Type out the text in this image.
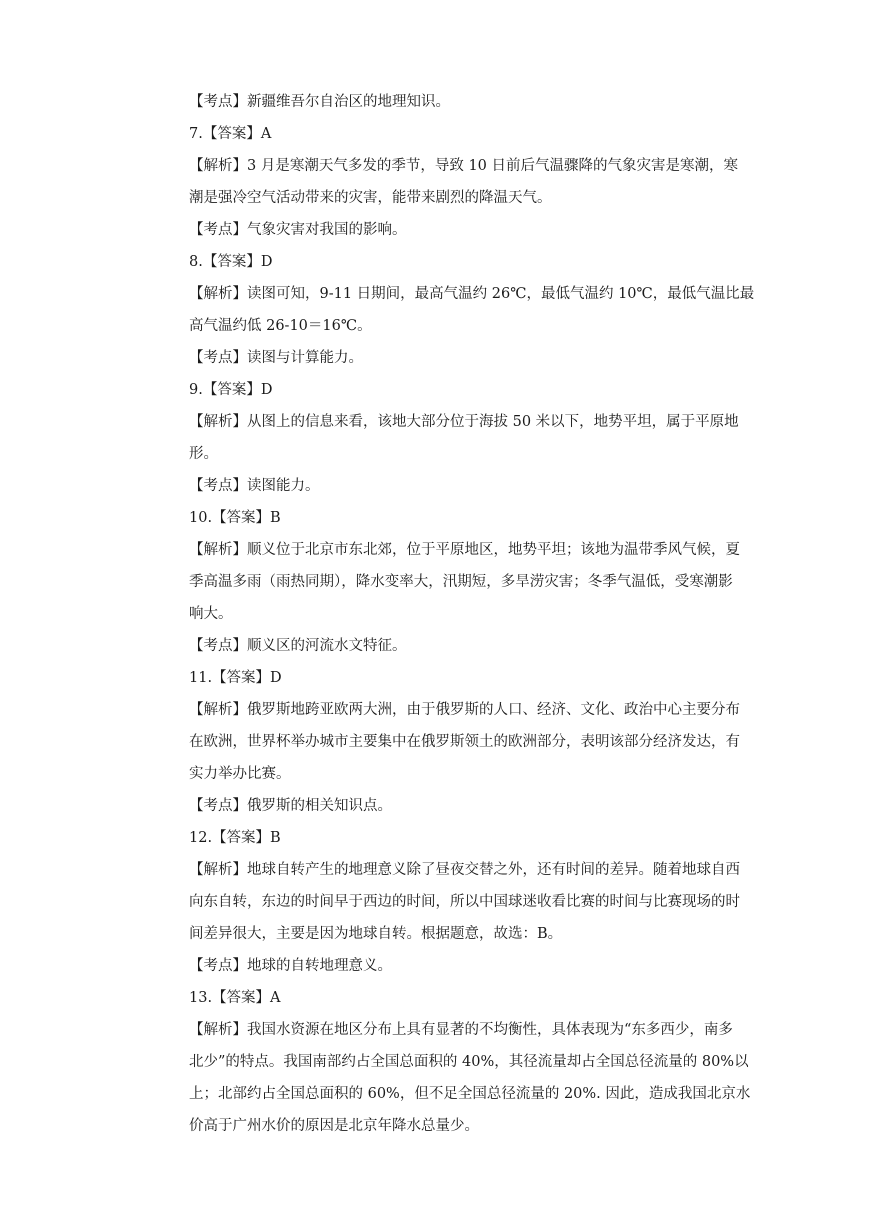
【考点】新疆维吾尔自治区的地理知识。
7.【答案】A
【解析】3 月是寒潮天气多发的季节，导致 10 日前后气温骤降的气象灾害是寒潮，寒
潮是强冷空气活动带来的灾害，能带来剧烈的降温天气。
【考点】气象灾害对我国的影响。
8.【答案】D
【解析】读图可知，9-11 日期间，最高气温约 26℃，最低气温约 10℃，最低气温比最
高气温约低 26-10＝16℃。
【考点】读图与计算能力。
9.【答案】D
【解析】从图上的信息来看，该地大部分位于海拔 50 米以下，地势平坦，属于平原地
形。
【考点】读图能力。
10.【答案】B
【解析】顺义位于北京市东北郊，位于平原地区，地势平坦；该地为温带季风气候，夏
季高温多雨（雨热同期），降水变率大，汛期短，多旱涝灾害；冬季气温低，受寒潮影
响大。
【考点】顺义区的河流水文特征。
11.【答案】D
【解析】俄罗斯地跨亚欧两大洲，由于俄罗斯的人口、经济、文化、政治中心主要分布
在欧洲，世界杯举办城市主要集中在俄罗斯领土的欧洲部分，表明该部分经济发达，有
实力举办比赛。
【考点】俄罗斯的相关知识点。
12.【答案】B
【解析】地球自转产生的地理意义除了昼夜交替之外，还有时间的差异。随着地球自西
向东自转，东边的时间早于西边的时间，所以中国球迷收看比赛的时间与比赛现场的时
间差异很大，主要是因为地球自转。根据题意，故选：B。
【考点】地球的自转地理意义。
13.【答案】A
【解析】我国水资源在地区分布上具有显著的不均衡性，具体表现为“东多西少，南多
北少”的特点。我国南部约占全国总面积的 40%，其径流量却占全国总径流量的 80%以
上；北部约占全国总面积的 60%，但不足全国总径流量的 20%. 因此，造成我国北京水
价高于广州水价的原因是北京年降水总量少。
